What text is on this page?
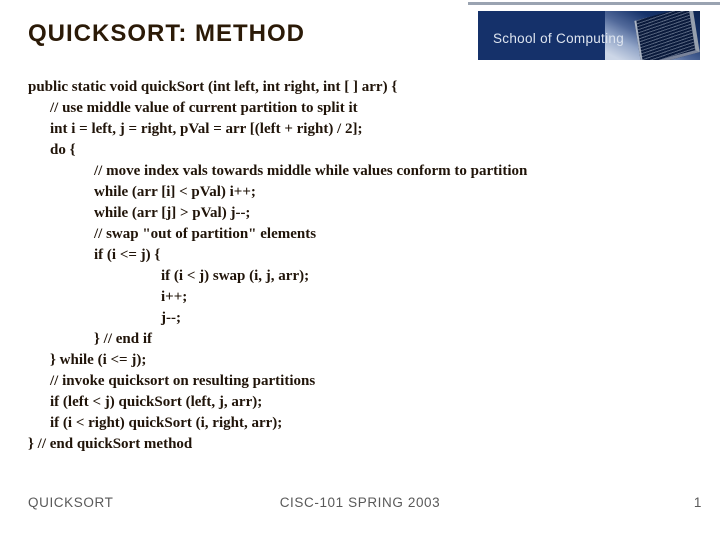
QUICKSORT: METHOD	School of Computing
public static void quickSort (int left, int right, int [ ] arr) {
// use middle value of current partition to split it
int i = left, j = right, pVal = arr [(left + right) / 2];
do {
// move index vals towards middle while values conform to partition
while (arr [i] < pVal) i++;
while (arr [j] > pVal) j--;
// swap "out of partition" elements
if (i <= j) {
if (i < j) swap (i, j, arr);
i++;
j--;
} // end if
} while (i <= j);
// invoke quicksort on resulting partitions
if (left < j) quickSort (left, j, arr);
if (i < right) quickSort (i, right, arr);
} // end quickSort method
QUICKSORT	CISC-101 SPRING 2003	1
